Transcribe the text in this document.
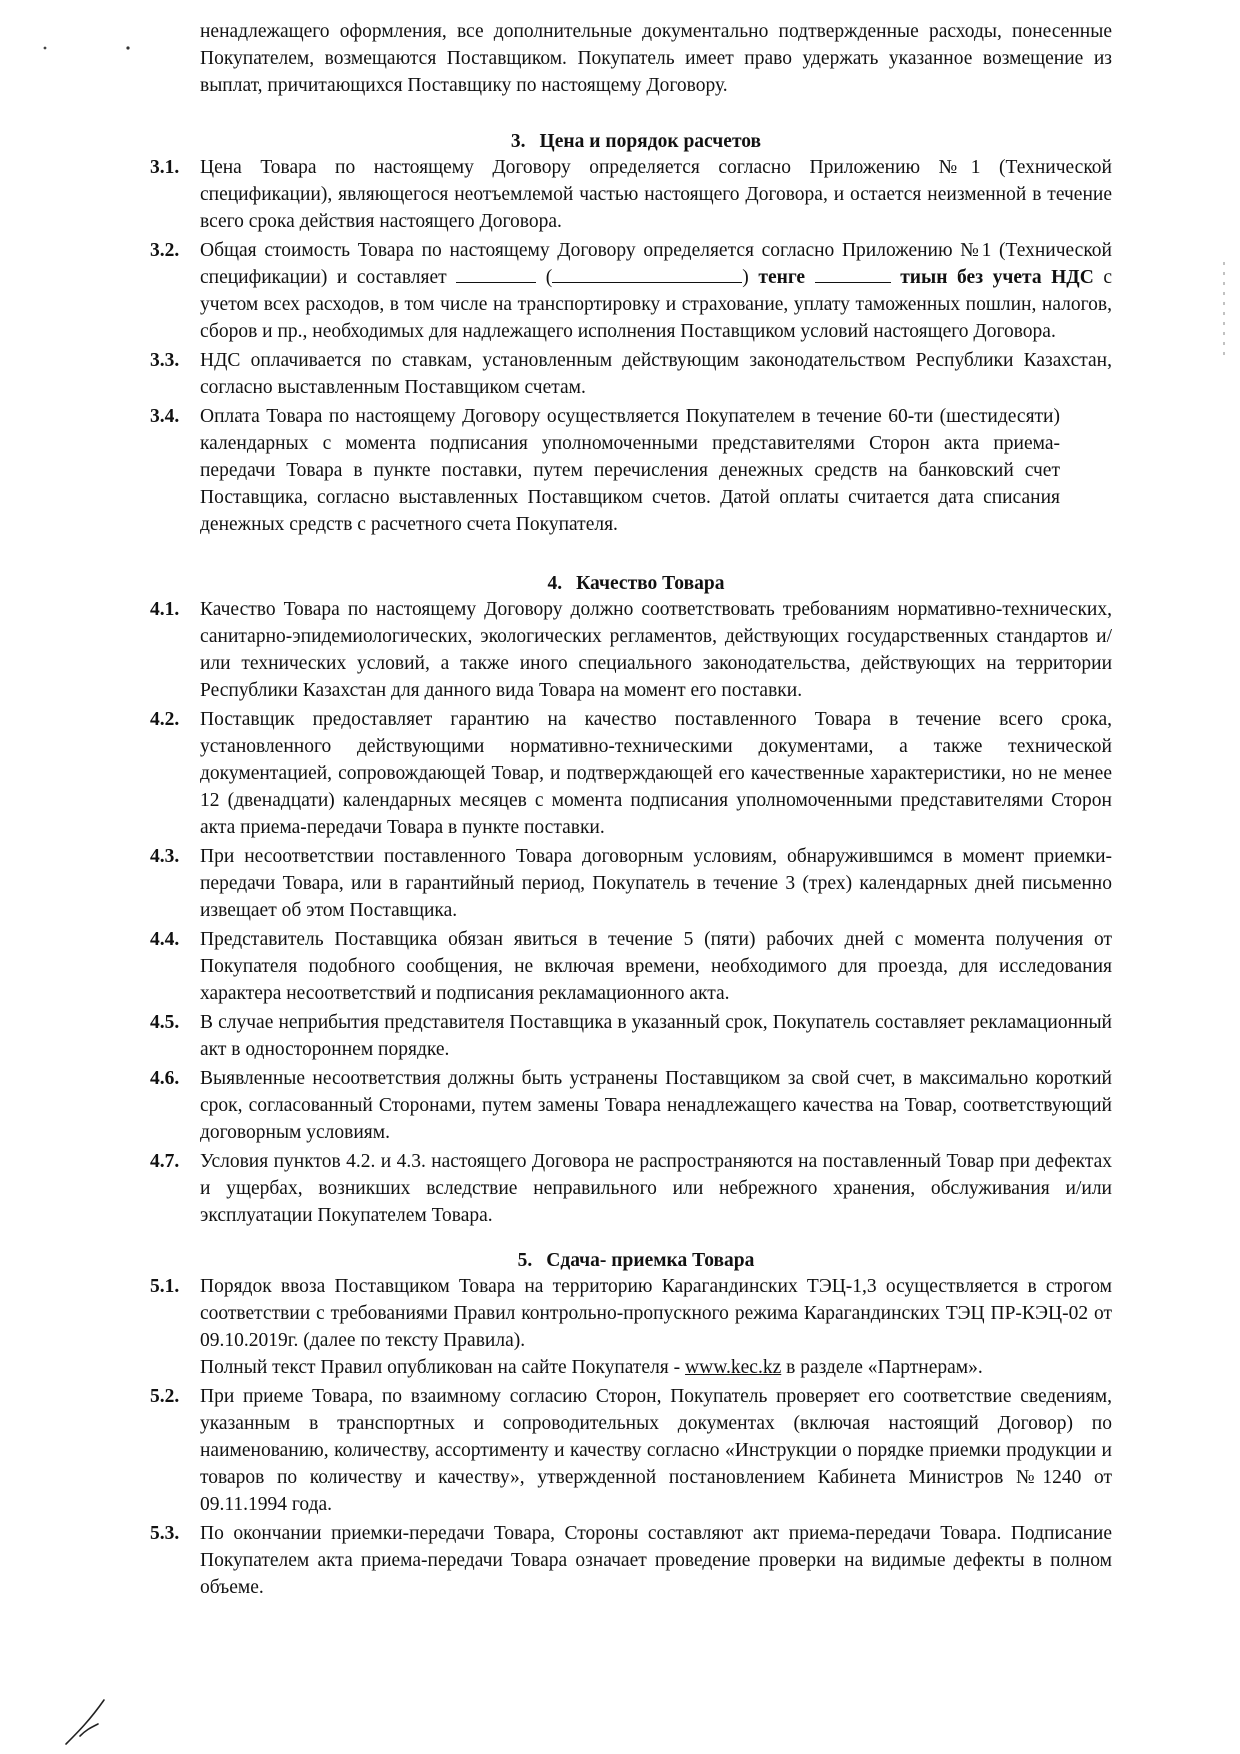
ненадлежащего оформления, все дополнительные документально подтвержденные расходы, понесенные Покупателем, возмещаются Поставщиком. Покупатель имеет право удержать указанное возмещение из выплат, причитающихся Поставщику по настоящему Договору.

3. Цена и порядок расчетов
3.1.	Цена Товара по настоящему Договору определяется согласно Приложению №1 (Технической спецификации), являющегося неотъемлемой частью настоящего Договора, и остается неизменной в течение всего срока действия настоящего Договора.

3.2.	Общая стоимость Товара по настоящему Договору определяется согласно Приложению №1 (Технической спецификации) и составляет	(	) тенге	тиын без учета НДС с учетом всех расходов, в том числе на транспортировку и страхование, уплату таможенных пошлин, налогов, сборов и пр., необходимых для надлежащего исполнения Поставщиком условий настоящего Договора.

3.3.	НДС оплачивается по ставкам, установленным действующим законодательством Республики Казахстан, согласно выставленным Поставщиком счетам.

3.4.	Оплата Товара по настоящему Договору осуществляется Покупателем в течение 60-ти (шестидесяти) календарных с момента подписания уполномоченными представителями Сторон акта приема-передачи Товара в пункте поставки, путем перечисления денежных средств на банковский счет Поставщика, согласно выставленных Поставщиком счетов. Датой оплаты считается дата списания денежных средств с расчетного счета Покупателя.

4. Качество Товара
4.1.	Качество Товара по настоящему Договору должно соответствовать требованиям нормативно-технических, санитарно-эпидемиологических, экологических регламентов, действующих государственных стандартов и/или технических условий, а также иного специального законодательства, действующих на территории Республики Казахстан для данного вида Товара на момент его поставки.

4.2.	Поставщик предоставляет гарантию на качество поставленного Товара в течение всего срока, установленного действующими нормативно-техническими документами, а также технической документацией, сопровождающей Товар, и подтверждающей его качественные характеристики, но не менее 12 (двенадцати) календарных месяцев с момента подписания уполномоченными представителями Сторон акта приема-передачи Товара в пункте поставки.

4.3.	При несоответствии поставленного Товара договорным условиям, обнаружившимся в момент приемки-передачи Товара, или в гарантийный период, Покупатель в течение 3 (трех) календарных дней письменно извещает об этом Поставщика.

4.4.	Представитель Поставщика обязан явиться в течение 5 (пяти) рабочих дней с момента получения от Покупателя подобного сообщения, не включая времени, необходимого для проезда, для исследования характера несоответствий и подписания рекламационного акта.

4.5.	В случае неприбытия представителя Поставщика в указанный срок, Покупатель составляет рекламационный акт в одностороннем порядке.

4.6.	Выявленные несоответствия должны быть устранены Поставщиком за свой счет, в максимально короткий срок, согласованный Сторонами, путем замены Товара ненадлежащего качества на Товар, соответствующий договорным условиям.

4.7.	Условия пунктов 4.2. и 4.3. настоящего Договора не распространяются на поставленный Товар при дефектах и ущербах, возникших вследствие неправильного или небрежного хранения, обслуживания и/или эксплуатации Покупателем Товара.

5. Сдача- приемка Товара
5.1.	Порядок ввоза Поставщиком Товара на территорию Карагандинских ТЭЦ-1,3 осуществляется в строгом соответствии с требованиями Правил контрольно-пропускного режима Карагандинских ТЭЦ ПР-КЭЦ-02 от 09.10.2019г. (далее по тексту Правила).

Полный текст Правил опубликован на сайте Покупателя - www.kec.kz в разделе «Партнерам».

5.2.	При приеме Товара, по взаимному согласию Сторон, Покупатель проверяет его соответствие сведениям, указанным в транспортных и сопроводительных документах (включая настоящий Договор) по наименованию, количеству, ассортименту и качеству согласно «Инструкции о порядке приемки продукции и товаров по количеству и качеству», утвержденной постановлением Кабинета Министров №1240 от 09.11.1994 года.

5.3.	По окончании приемки-передачи Товара, Стороны составляют акт приема-передачи Товара. Подписание Покупателем акта приема-передачи Товара означает проведение проверки на видимые дефекты в полном объеме.
